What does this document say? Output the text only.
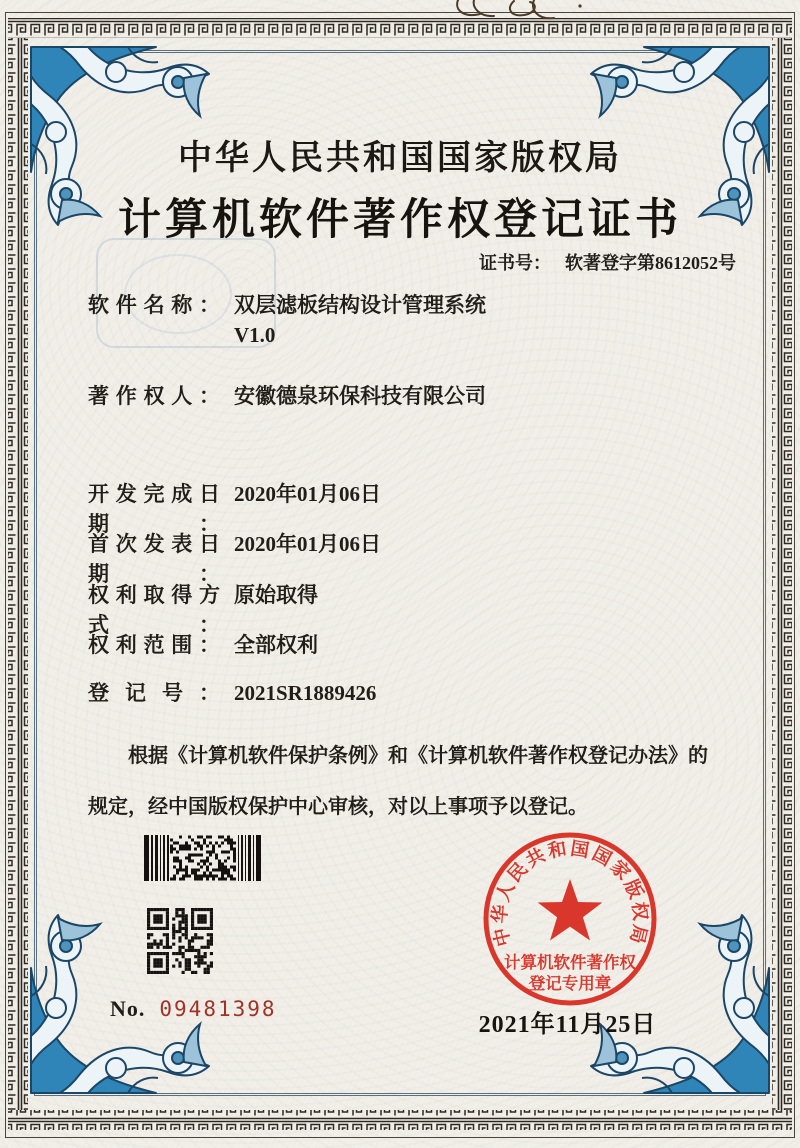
中华人民共和国国家版权局
计算机软件著作权登记证书
证书号： 软著登字第8612052号
软件名称： 双层滤板结构设计管理系统
V1.0
著作权人： 安徽德泉环保科技有限公司
开发完成日期：
2020年01月06日
首次发表日期：
2020年01月06日
权利取得方式：
原始取得
权利范围： 全部权利
登记号： 2021SR1889426
根据《计算机软件保护条例》和《计算机软件著作权登记办法》的
规定，经中国版权保护中心审核，对以上事项予以登记。
No. 09481398
中华人民共和国国家版权局
计算机软件著作权
登记专用章
2021年11月25日
